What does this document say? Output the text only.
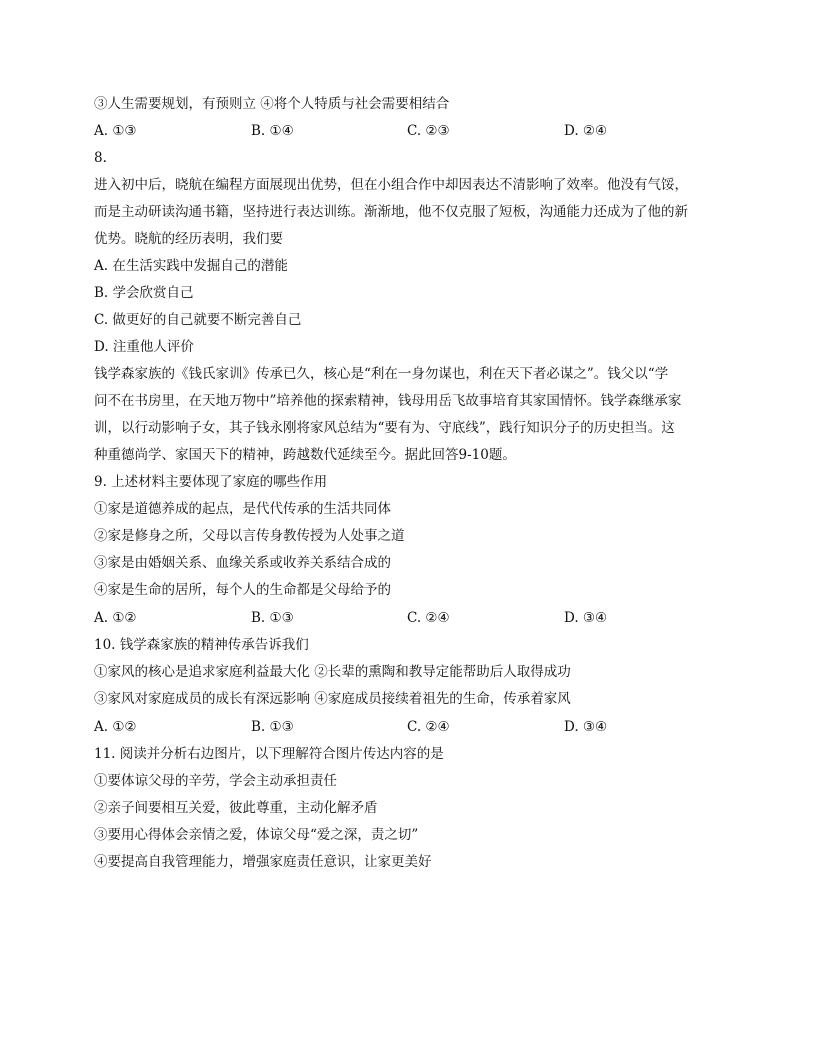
③人生需要规划，有预则立 ④将个人特质与社会需要相结合
A. ①③	B. ①④	C. ②③	D. ②④
8.
进入初中后，晓航在编程方面展现出优势，但在小组合作中却因表达不清影响了效率。他没有气馁，
而是主动研读沟通书籍，坚持进行表达训练。渐渐地，他不仅克服了短板，沟通能力还成为了他的新
优势。晓航的经历表明，我们要
A. 在生活实践中发掘自己的潜能
B. 学会欣赏自己
C. 做更好的自己就要不断完善自己
D. 注重他人评价
钱学森家族的《钱氏家训》传承已久，核心是“利在一身勿谋也，利在天下者必谋之”。钱父以“学
问不在书房里，在天地万物中”培养他的探索精神，钱母用岳飞故事培育其家国情怀。钱学森继承家
训，以行动影响子女，其子钱永刚将家风总结为“要有为、守底线”，践行知识分子的历史担当。这
种重德尚学、家国天下的精神，跨越数代延续至今。据此回答9-10题。
9. 上述材料主要体现了家庭的哪些作用
①家是道德养成的起点，是代代传承的生活共同体
②家是修身之所，父母以言传身教传授为人处事之道
③家是由婚姻关系、血缘关系或收养关系结合成的
④家是生命的居所，每个人的生命都是父母给予的
A. ①②	B. ①③	C. ②④	D. ③④
10. 钱学森家族的精神传承告诉我们
①家风的核心是追求家庭利益最大化 ②长辈的熏陶和教导定能帮助后人取得成功
③家风对家庭成员的成长有深远影响 ④家庭成员接续着祖先的生命，传承着家风
A. ①②	B. ①③	C. ②④	D. ③④
11. 阅读并分析右边图片，以下理解符合图片传达内容的是
①要体谅父母的辛劳，学会主动承担责任
②亲子间要相互关爱，彼此尊重，主动化解矛盾
③要用心得体会亲情之爱，体谅父母“爱之深，责之切”
④要提高自我管理能力，增强家庭责任意识，让家更美好
